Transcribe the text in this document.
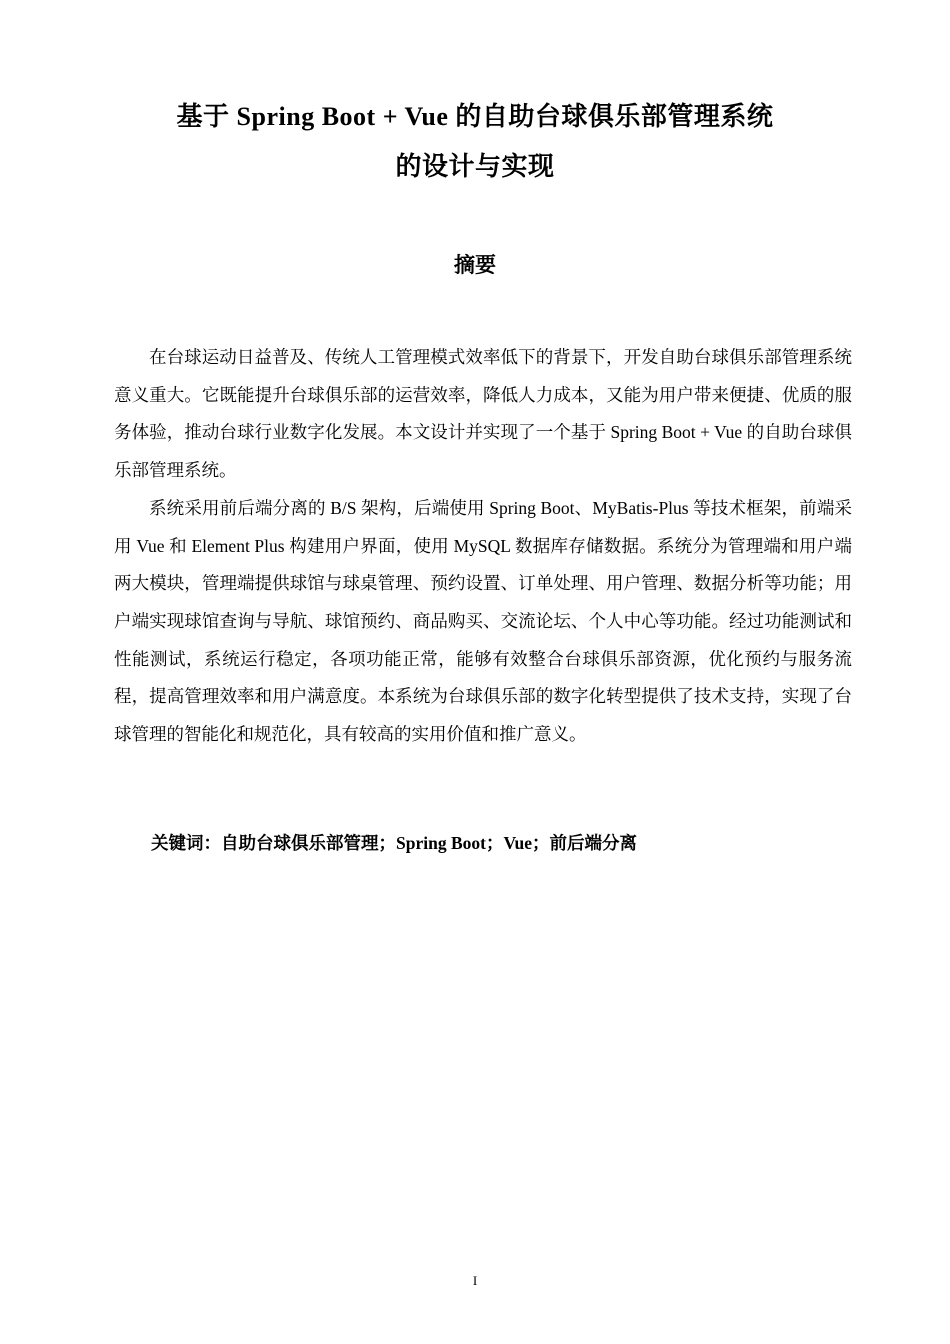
基于 Spring Boot + Vue 的自助台球俱乐部管理系统
的设计与实现
摘要

在台球运动日益普及、传统人工管理模式效率低下的背景下，开发自助台球俱乐部管理系统意义重大。它既能提升台球俱乐部的运营效率，降低人力成本，又能为用户带来便捷、优质的服务体验，推动台球行业数字化发展。本文设计并实现了一个基于 Spring Boot + Vue 的自助台球俱乐部管理系统。

系统采用前后端分离的 B/S 架构，后端使用 Spring Boot、MyBatis-Plus 等技术框架，前端采用 Vue 和 Element Plus 构建用户界面，使用 MySQL 数据库存储数据。系统分为管理端和用户端两大模块，管理端提供球馆与球桌管理、预约设置、订单处理、用户管理、数据分析等功能；用户端实现球馆查询与导航、球馆预约、商品购买、交流论坛、个人中心等功能。经过功能测试和性能测试，系统运行稳定，各项功能正常，能够有效整合台球俱乐部资源，优化预约与服务流程，提高管理效率和用户满意度。本系统为台球俱乐部的数字化转型提供了技术支持，实现了台球管理的智能化和规范化，具有较高的实用价值和推广意义。

关键词：自助台球俱乐部管理；Spring Boot；Vue；前后端分离
I
